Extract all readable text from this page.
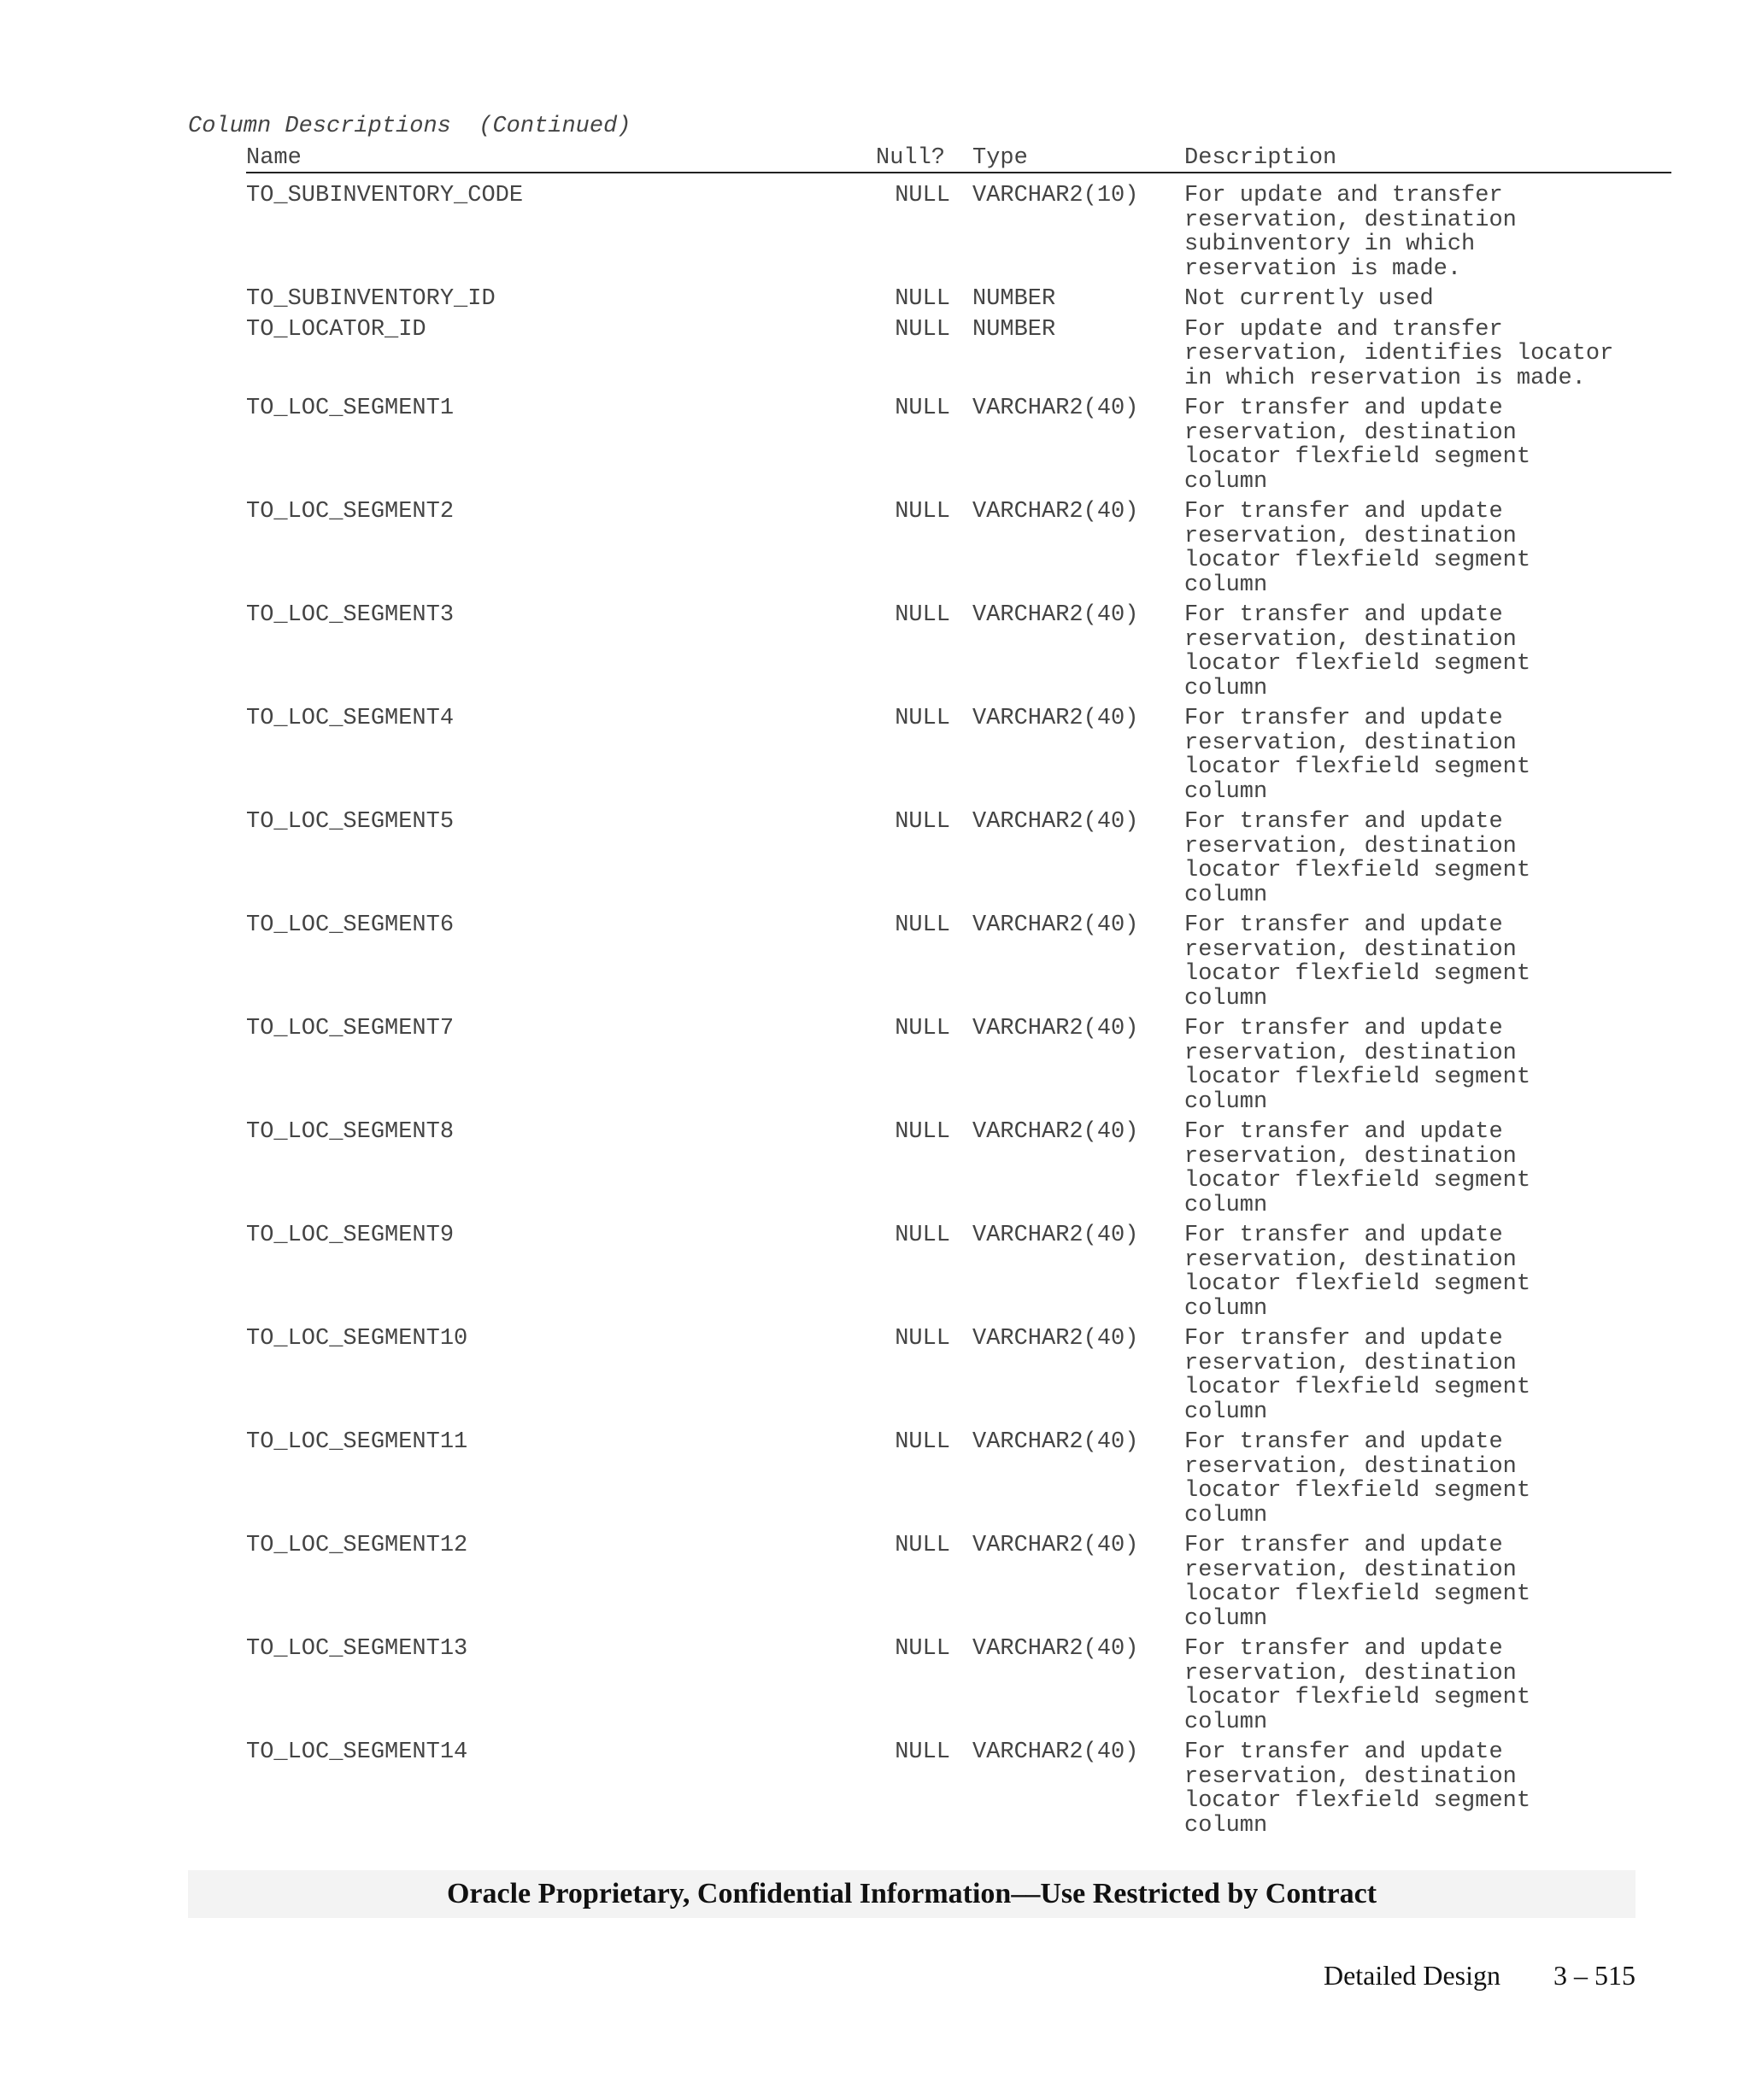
Column Descriptions  (Continued)
Name	Null? Type	Description
TO_SUBINVENTORY_CODE	NULL VARCHAR2(10)	For update and transfer
reservation, destination
subinventory in which
reservation is made.
TO_SUBINVENTORY_ID	NULL NUMBER	Not currently used
TO_LOCATOR_ID	NULL NUMBER	For update and transfer
reservation, identifies locator
in which reservation is made.
TO_LOC_SEGMENT1	NULL VARCHAR2(40)	For transfer and update
reservation, destination
locator flexfield segment
column
TO_LOC_SEGMENT2	NULL VARCHAR2(40)	For transfer and update
reservation, destination
locator flexfield segment
column
TO_LOC_SEGMENT3	NULL VARCHAR2(40)	For transfer and update
reservation, destination
locator flexfield segment
column
TO_LOC_SEGMENT4	NULL VARCHAR2(40)	For transfer and update
reservation, destination
locator flexfield segment
column
TO_LOC_SEGMENT5	NULL VARCHAR2(40)	For transfer and update
reservation, destination
locator flexfield segment
column
TO_LOC_SEGMENT6	NULL VARCHAR2(40)	For transfer and update
reservation, destination
locator flexfield segment
column
TO_LOC_SEGMENT7	NULL VARCHAR2(40)	For transfer and update
reservation, destination
locator flexfield segment
column
TO_LOC_SEGMENT8	NULL VARCHAR2(40)	For transfer and update
reservation, destination
locator flexfield segment
column
TO_LOC_SEGMENT9	NULL VARCHAR2(40)	For transfer and update
reservation, destination
locator flexfield segment
column
TO_LOC_SEGMENT10	NULL VARCHAR2(40)	For transfer and update
reservation, destination
locator flexfield segment
column
TO_LOC_SEGMENT11	NULL VARCHAR2(40)	For transfer and update
reservation, destination
locator flexfield segment
column
TO_LOC_SEGMENT12	NULL VARCHAR2(40)	For transfer and update
reservation, destination
locator flexfield segment
column
TO_LOC_SEGMENT13	NULL VARCHAR2(40)	For transfer and update
reservation, destination
locator flexfield segment
column
TO_LOC_SEGMENT14	NULL VARCHAR2(40)	For transfer and update
reservation, destination
locator flexfield segment
column
Oracle Proprietary, Confidential Information––Use Restricted by Contract
Detailed Design 3 – 515
